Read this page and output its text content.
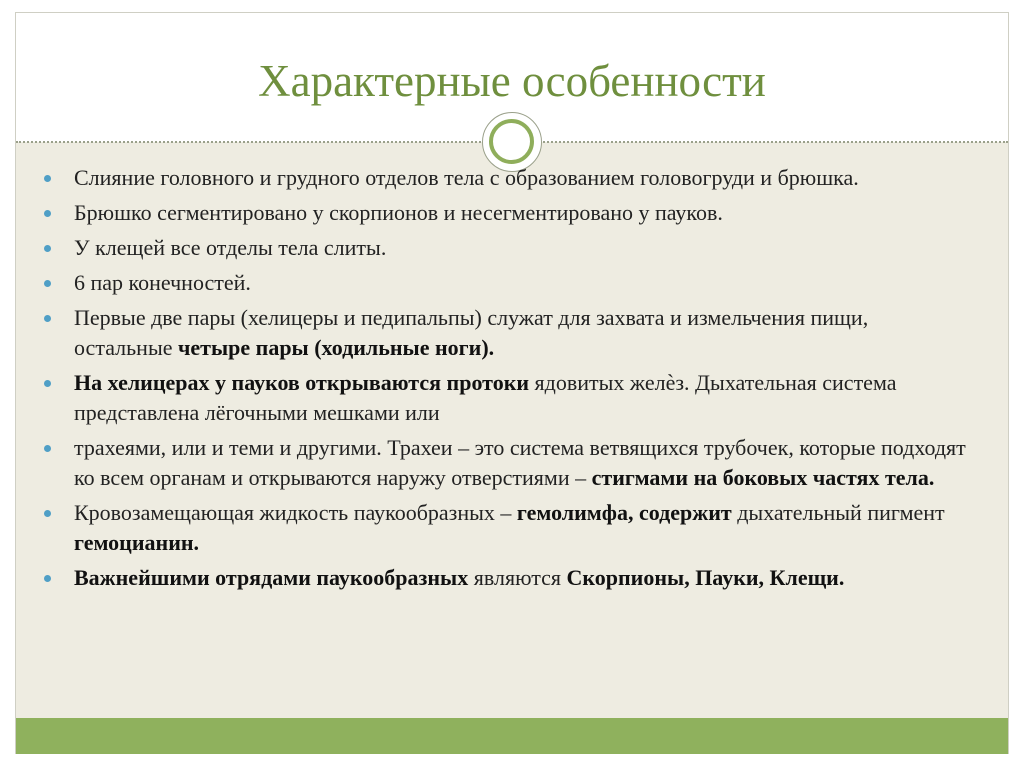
Характерные особенности
Слияние головного и грудного отделов тела с образованием головогруди и брюшка.
Брюшко сегментировано у скорпионов и несегментировано у пауков.
У клещей все отделы тела слиты.
6 пар конечностей.
Первые две пары (хелицеры и педипальпы) служат для захвата и измельчения пищи, остальные четыре пары (ходильные ноги).
На хелицерах у пауков открываются протоки ядовитых желѐз. Дыхательная система представлена лёгочными мешками или
трахеями, или и теми и другими. Трахеи – это система ветвящихся трубочек, которые подходят ко всем органам и открываются наружу отверстиями – стигмами на боковых частях тела.
Кровозамещающая жидкость паукообразных – гемолимфа, содержит дыхательный пигмент гемоцианин.
Важнейшими отрядами паукообразных являются Скорпионы, Пауки, Клещи.
